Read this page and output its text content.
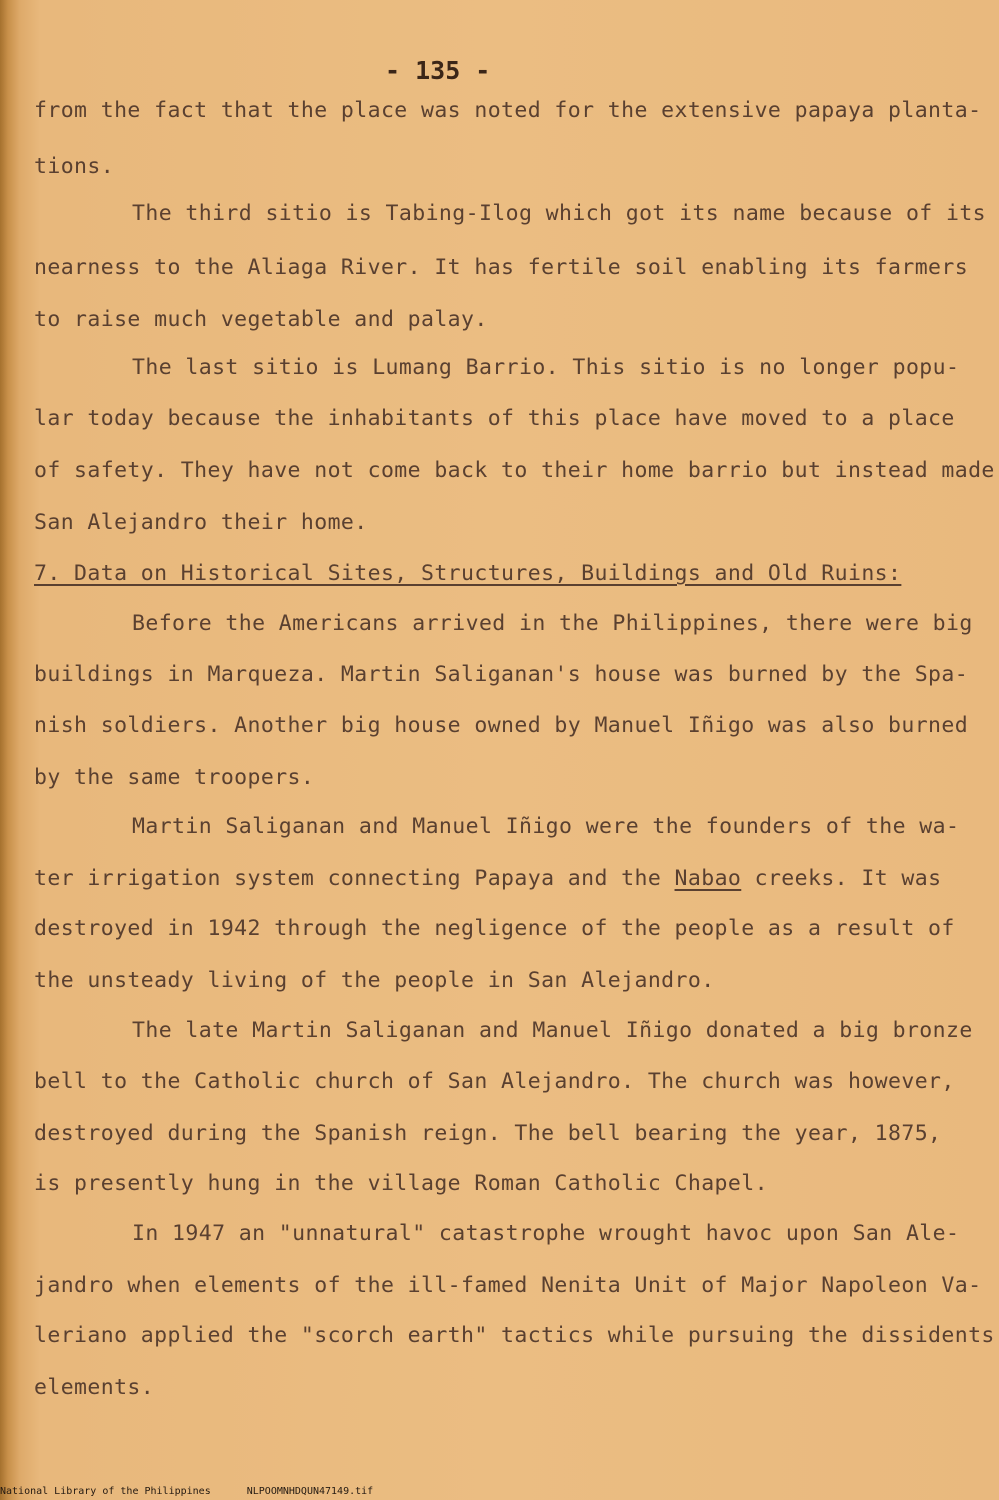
- 135 -
from the fact that the place was noted for the extensive papaya planta-
tions.
The third sitio is Tabing-Ilog which got its name because of its
nearness to the Aliaga River. It has fertile soil enabling its farmers
to raise much vegetable and palay.
The last sitio is Lumang Barrio. This sitio is no longer popu-
lar today because the inhabitants of this place have moved to a place
of safety. They have not come back to their home barrio but instead made
San Alejandro their home.
7. Data on Historical Sites, Structures, Buildings and Old Ruins:
Before the Americans arrived in the Philippines, there were big
buildings in Marqueza. Martin Saliganan's house was burned by the Spa-
nish soldiers. Another big house owned by Manuel Iñigo was also burned
by the same troopers.
Martin Saliganan and Manuel Iñigo were the founders of the wa-
ter irrigation system connecting Papaya and the Nabao creeks. It was
destroyed in 1942 through the negligence of the people as a result of
the unsteady living of the people in San Alejandro.
The late Martin Saliganan and Manuel Iñigo donated a big bronze
bell to the Catholic church of San Alejandro. The church was however,
destroyed during the Spanish reign. The bell bearing the year, 1875,
is presently hung in the village Roman Catholic Chapel.
In 1947 an "unnatural" catastrophe wrought havoc upon San Ale-
jandro when elements of the ill-famed Nenita Unit of Major Napoleon Va-
leriano applied the "scorch earth" tactics while pursuing the dissidents
elements.
National Library of the Philippines	NLPOOMNHDQUN47149.tif
